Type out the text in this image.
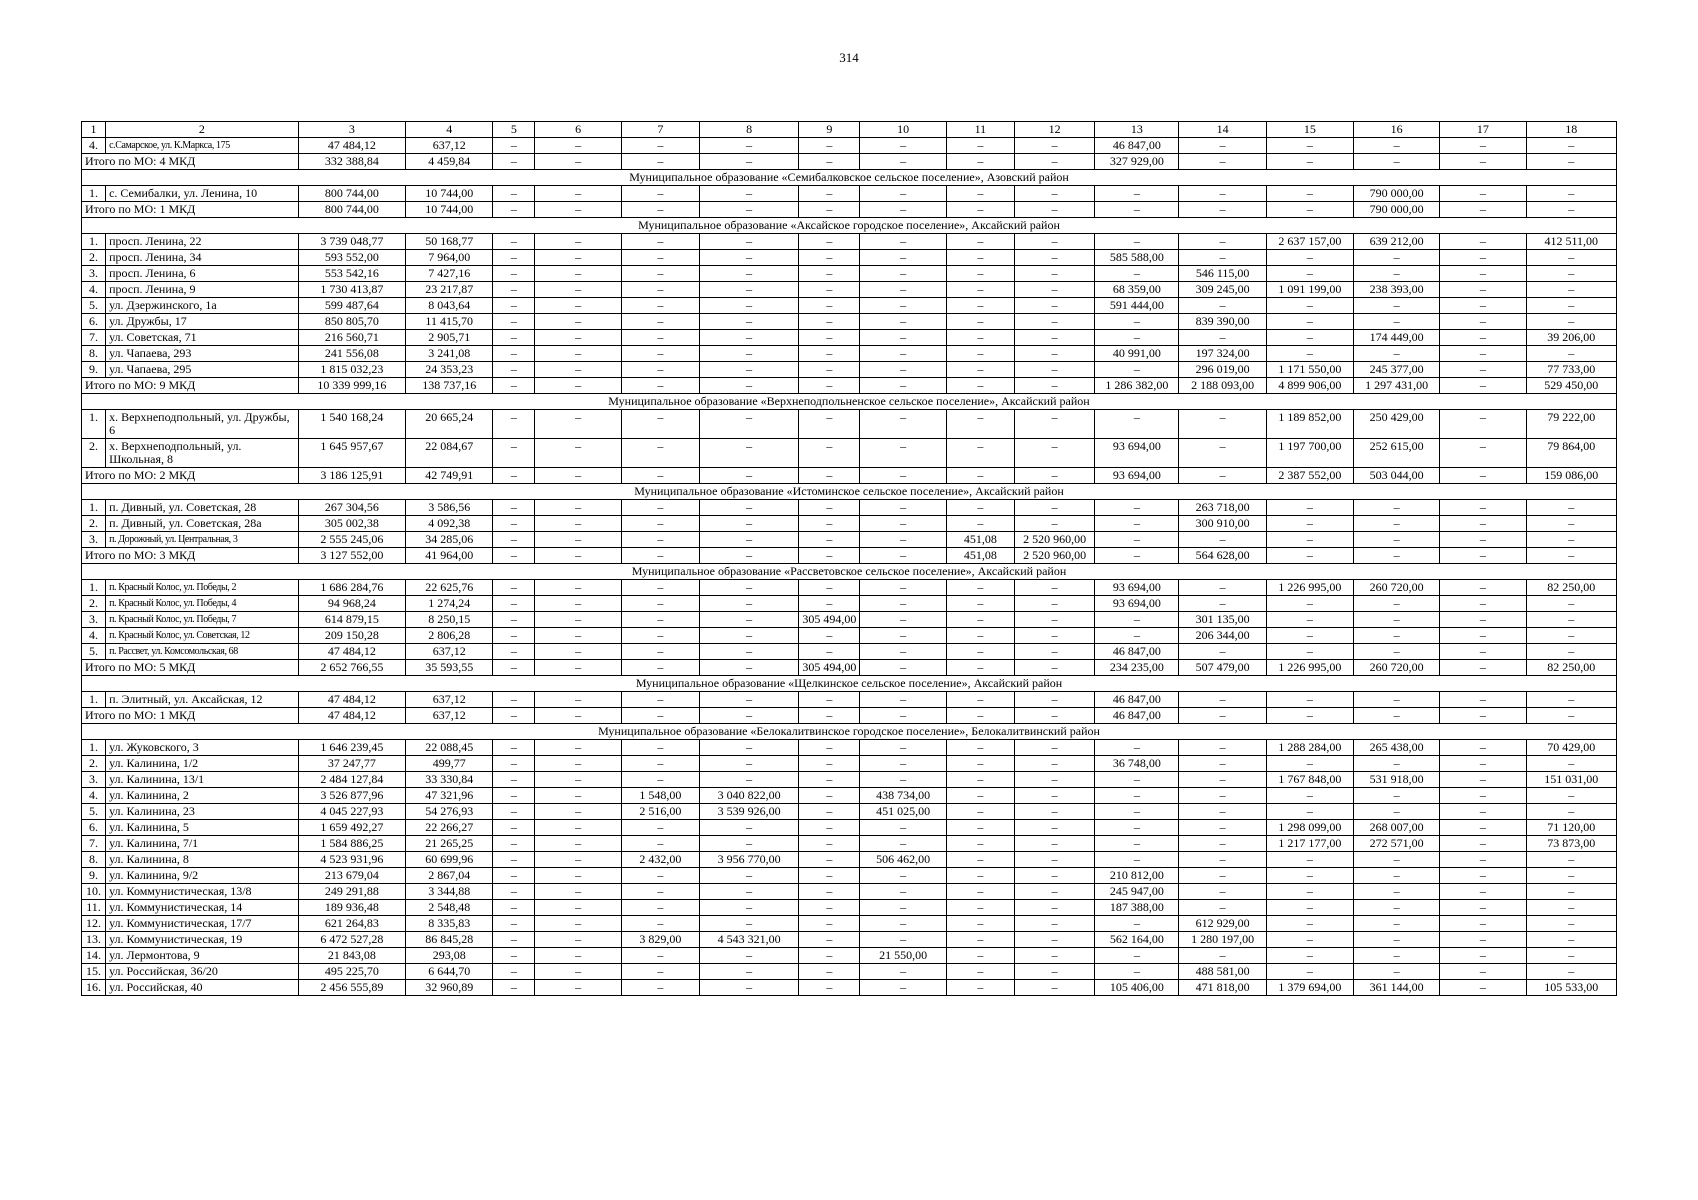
314
1	2	3	4	5	6	7	8	9	10	11	12	13	14	15	16	17	18
4.	с.Самарское, ул. К.Маркса, 175	47 484,12	637,12	–	–	–	–	–	–	–	–	46 847,00	–	–	–	–	–
Итого по МО: 4 МКД		332 388,84	4 459,84	–	–	–	–	–	–	–	–	327 929,00	–	–	–	–	–
Муниципальное образование «Семибалковское сельское поселение», Азовский район																	
1.	с. Семибалки, ул. Ленина, 10	800 744,00	10 744,00	–	–	–	–	–	–	–	–	–	–	–	790 000,00	–	–
Итого по МО: 1 МКД		800 744,00	10 744,00	–	–	–	–	–	–	–	–	–	–	–	790 000,00	–	–
Муниципальное образование «Аксайское городское поселение», Аксайский район																	
1.	просп. Ленина, 22	3 739 048,77	50 168,77	–	–	–	–	–	–	–	–	–	–	2 637 157,00	639 212,00	–	412 511,00
2.	просп. Ленина, 34	593 552,00	7 964,00	–	–	–	–	–	–	–	–	585 588,00	–	–	–	–	–
3.	просп. Ленина, 6	553 542,16	7 427,16	–	–	–	–	–	–	–	–	–	546 115,00	–	–	–	–
4.	просп. Ленина, 9	1 730 413,87	23 217,87	–	–	–	–	–	–	–	–	68 359,00	309 245,00	1 091 199,00	238 393,00	–	–
5.	ул. Дзержинского, 1а	599 487,64	8 043,64	–	–	–	–	–	–	–	–	591 444,00	–	–	–	–	–
6.	ул. Дружбы, 17	850 805,70	11 415,70	–	–	–	–	–	–	–	–	–	839 390,00	–	–	–	–
7.	ул. Советская, 71	216 560,71	2 905,71	–	–	–	–	–	–	–	–	–	–	–	174 449,00	–	39 206,00
8.	ул. Чапаева, 293	241 556,08	3 241,08	–	–	–	–	–	–	–	–	40 991,00	197 324,00	–	–	–	–
9.	ул. Чапаева, 295	1 815 032,23	24 353,23	–	–	–	–	–	–	–	–	–	296 019,00	1 171 550,00	245 377,00	–	77 733,00
Итого по МО: 9 МКД		10 339 999,16	138 737,16	–	–	–	–	–	–	–	–	1 286 382,00	2 188 093,00	4 899 906,00	1 297 431,00	–	529 450,00
Муниципальное образование «Верхнеподпольненское сельское поселение», Аксайский район																	
1.	х. Верхнеподпольный, ул. Дружбы, 6	1 540 168,24	20 665,24	–	–	–	–	–	–	–	–	–	–	1 189 852,00	250 429,00	–	79 222,00
2.	х. Верхнеподпольный, ул. Школьная, 8	1 645 957,67	22 084,67	–	–	–	–	–	–	–	–	93 694,00	–	1 197 700,00	252 615,00	–	79 864,00
Итого по МО: 2 МКД		3 186 125,91	42 749,91	–	–	–	–	–	–	–	–	93 694,00	–	2 387 552,00	503 044,00	–	159 086,00
Муниципальное образование «Истоминское сельское поселение», Аксайский район																	
1.	п. Дивный, ул. Советская, 28	267 304,56	3 586,56	–	–	–	–	–	–	–	–	–	263 718,00	–	–	–	–
2.	п. Дивный, ул. Советская, 28а	305 002,38	4 092,38	–	–	–	–	–	–	–	–	–	300 910,00	–	–	–	–
3.	п. Дорожный, ул. Центральная, 3	2 555 245,06	34 285,06	–	–	–	–	–	–	451,08	2 520 960,00	–	–	–	–	–	–
Итого по МО: 3 МКД		3 127 552,00	41 964,00	–	–	–	–	–	–	451,08	2 520 960,00	–	564 628,00	–	–	–	–
Муниципальное образование «Рассветовское сельское поселение», Аксайский район																	
1.	п. Красный Колос, ул. Победы, 2	1 686 284,76	22 625,76	–	–	–	–	–	–	–	–	93 694,00	–	1 226 995,00	260 720,00	–	82 250,00
2.	п. Красный Колос, ул. Победы, 4	94 968,24	1 274,24	–	–	–	–	–	–	–	–	93 694,00	–	–	–	–	–
3.	п. Красный Колос, ул. Победы, 7	614 879,15	8 250,15	–	–	–	–	305 494,00	–	–	–	–	301 135,00	–	–	–	–
4.	п. Красный Колос, ул. Советская, 12	209 150,28	2 806,28	–	–	–	–	–	–	–	–	–	206 344,00	–	–	–	–
5.	п. Рассвет, ул. Комсомольская, 68	47 484,12	637,12	–	–	–	–	–	–	–	–	46 847,00	–	–	–	–	–
Итого по МО: 5 МКД		2 652 766,55	35 593,55	–	–	–	–	305 494,00	–	–	–	234 235,00	507 479,00	1 226 995,00	260 720,00	–	82 250,00
Муниципальное образование «Щелкинское сельское поселение», Аксайский район																	
1.	п. Элитный, ул. Аксайская, 12	47 484,12	637,12	–	–	–	–	–	–	–	–	46 847,00	–	–	–	–	–
Итого по МО: 1 МКД		47 484,12	637,12	–	–	–	–	–	–	–	–	46 847,00	–	–	–	–	–
Муниципальное образование «Белокалитвинское городское поселение», Белокалитвинский район																	
1.	ул. Жуковского, 3	1 646 239,45	22 088,45	–	–	–	–	–	–	–	–	–	–	1 288 284,00	265 438,00	–	70 429,00
2.	ул. Калинина, 1/2	37 247,77	499,77	–	–	–	–	–	–	–	–	36 748,00	–	–	–	–	–
3.	ул. Калинина, 13/1	2 484 127,84	33 330,84	–	–	–	–	–	–	–	–	–	–	1 767 848,00	531 918,00	–	151 031,00
4.	ул. Калинина, 2	3 526 877,96	47 321,96	–	–	1 548,00	3 040 822,00	–	438 734,00	–	–	–	–	–	–	–	–
5.	ул. Калинина, 23	4 045 227,93	54 276,93	–	–	2 516,00	3 539 926,00	–	451 025,00	–	–	–	–	–	–	–	–
6.	ул. Калинина, 5	1 659 492,27	22 266,27	–	–	–	–	–	–	–	–	–	–	1 298 099,00	268 007,00	–	71 120,00
7.	ул. Калинина, 7/1	1 584 886,25	21 265,25	–	–	–	–	–	–	–	–	–	–	1 217 177,00	272 571,00	–	73 873,00
8.	ул. Калинина, 8	4 523 931,96	60 699,96	–	–	2 432,00	3 956 770,00	–	506 462,00	–	–	–	–	–	–	–	–
9.	ул. Калинина, 9/2	213 679,04	2 867,04	–	–	–	–	–	–	–	–	210 812,00	–	–	–	–	–
10.	ул. Коммунистическая, 13/8	249 291,88	3 344,88	–	–	–	–	–	–	–	–	245 947,00	–	–	–	–	–
11.	ул. Коммунистическая, 14	189 936,48	2 548,48	–	–	–	–	–	–	–	–	187 388,00	–	–	–	–	–
12.	ул. Коммунистическая, 17/7	621 264,83	8 335,83	–	–	–	–	–	–	–	–	–	612 929,00	–	–	–	–
13.	ул. Коммунистическая, 19	6 472 527,28	86 845,28	–	–	3 829,00	4 543 321,00	–	–	–	–	562 164,00	1 280 197,00	–	–	–	–
14.	ул. Лермонтова, 9	21 843,08	293,08	–	–	–	–	–	21 550,00	–	–	–	–	–	–	–	–
15.	ул. Российская, 36/20	495 225,70	6 644,70	–	–	–	–	–	–	–	–	–	488 581,00	–	–	–	–
16.	ул. Российская, 40	2 456 555,89	32 960,89	–	–	–	–	–	–	–	–	105 406,00	471 818,00	1 379 694,00	361 144,00	–	105 533,00
